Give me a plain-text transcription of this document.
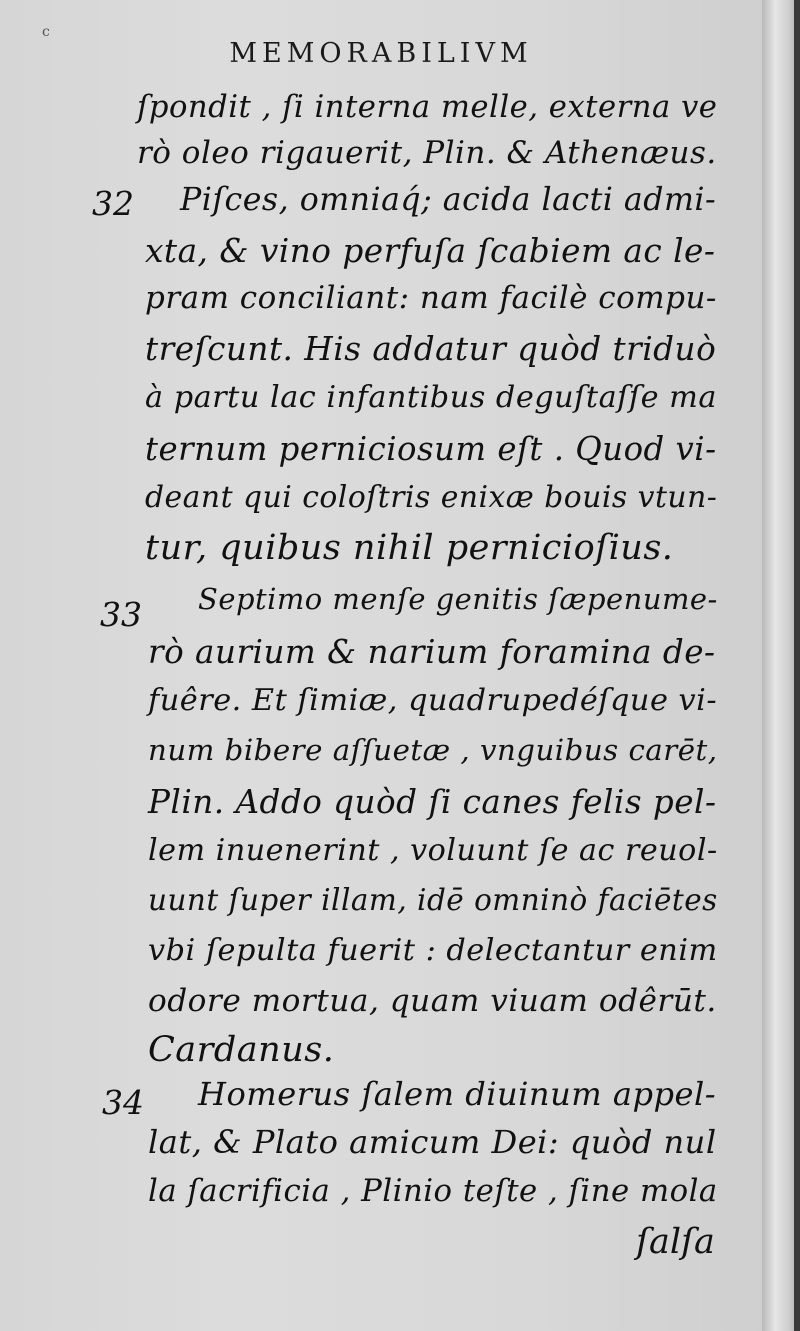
c
MEMORABILIVM
ſpondit , ſi interna melle, externa ve
rò oleo rigauerit, Plin. & Athenæus.
32 Piſces, omniaq́; acida lacti admi-
xta, & vino perfuſa ſcabiem ac le-
pram conciliant: nam facilè compu-
treſcunt. His addatur quòd triduò
à partu lac infantibus deguſtaſſe ma
ternum perniciosum eſt . Quod vi-
deant qui coloſtris enixæ bouis vtun-
tur, quibus nihil pernicioſius.
33 Septimo menſe genitis ſæpenume-
rò aurium & narium foramina de-
fuêre. Et ſimiæ, quadrupedéſque vi-
num bibere aſſuetæ , vnguibus carēt,
Plin. Addo quòd ſi canes felis pel-
lem inuenerint , voluunt ſe ac reuol-
uunt ſuper illam, idē omninò faciētes
vbi ſepulta fuerit : delectantur enim
odore mortua, quam viuam odêrūt.
Cardanus.
34 Homerus ſalem diuinum appel-
lat, & Plato amicum Dei: quòd nul
la ſacrificia , Plinio teſte , ſine mola
ſalſa
